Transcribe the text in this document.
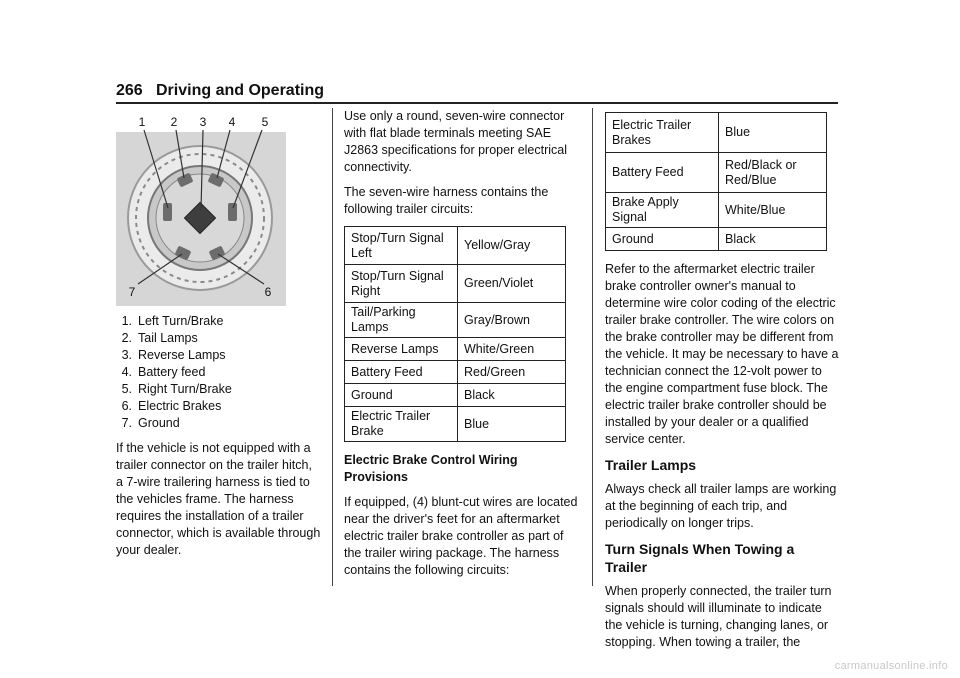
266 Driving and Operating
1 2 3 4 5
6
7
1. Left Turn/Brake
2. Tail Lamps
3. Reverse Lamps
4. Battery feed
5. Right Turn/Brake
6. Electric Brakes
7. Ground

If the vehicle is not equipped with a trailer connector on the trailer hitch, a 7-wire trailering harness is tied to the vehicles frame. The harness requires the installation of a trailer connector, which is available through your dealer.

Use only a round, seven-wire connector with flat blade terminals meeting SAE J2863 specifications for proper electrical connectivity.

The seven-wire harness contains the following trailer circuits:

Stop/Turn Signal Left	Yellow/Gray
Stop/Turn Signal Right	Green/Violet
Tail/Parking Lamps	Gray/Brown
Reverse Lamps	White/Green
Battery Feed	Red/Green
Ground	Black
Electric Trailer Brake	Blue

Electric Brake Control Wiring Provisions

If equipped, (4) blunt-cut wires are located near the driver's feet for an aftermarket electric trailer brake controller as part of the trailer wiring package. The harness contains the following circuits:

Electric Trailer Brakes	Blue
Battery Feed	Red/Black or Red/Blue
Brake Apply Signal	White/Blue
Ground	Black

Refer to the aftermarket electric trailer brake controller owner's manual to determine wire color coding of the electric trailer brake controller. The wire colors on the brake controller may be different from the vehicle. It may be necessary to have a technician connect the 12-volt power to the engine compartment fuse block. The electric trailer brake controller should be installed by your dealer or a qualified service center.

Trailer Lamps

Always check all trailer lamps are working at the beginning of each trip, and periodically on longer trips.

Turn Signals When Towing a Trailer

When properly connected, the trailer turn signals should will illuminate to indicate the vehicle is turning, changing lanes, or stopping. When towing a trailer, the

carmanualsonline.info
